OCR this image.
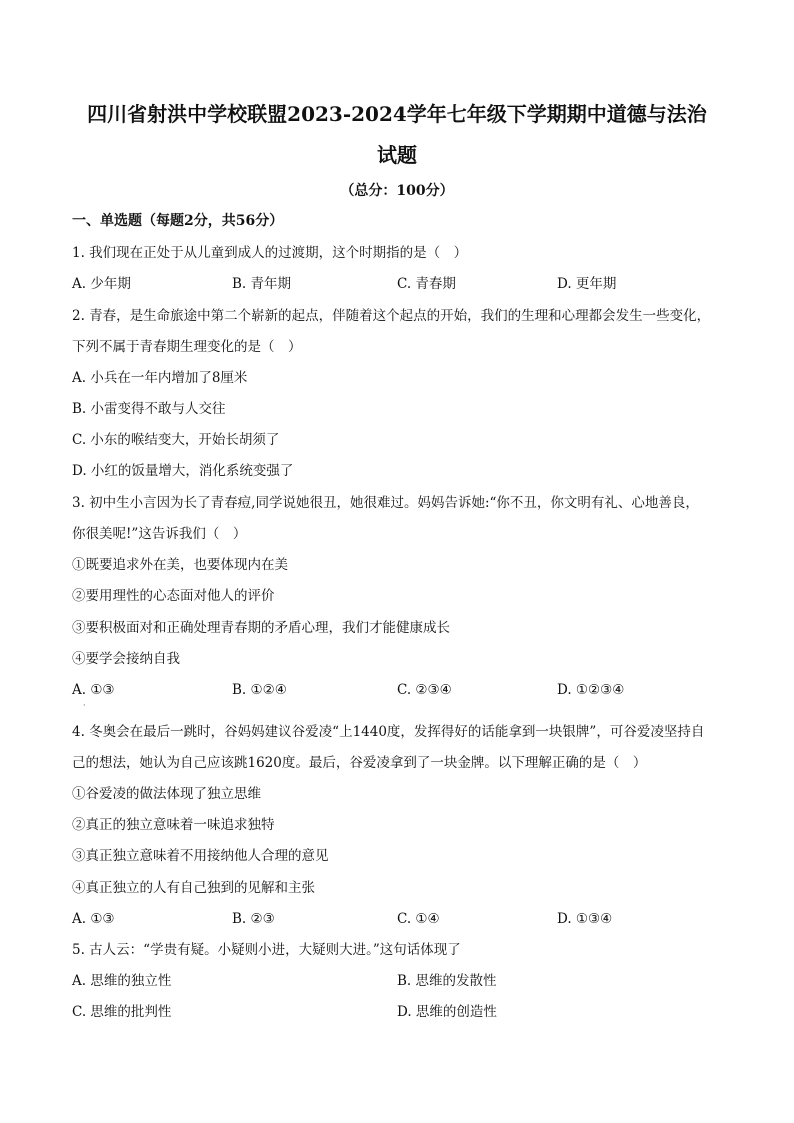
四川省射洪中学校联盟2023-2024学年七年级下学期期中道德与法治
试题
（总分：100分）
一、单选题（每题2分，共56分）
1. 我们现在正处于从儿童到成人的过渡期，这个时期指的是（　）
A. 少年期	B. 青年期	C. 青春期	D. 更年期
2. 青春，是生命旅途中第二个崭新的起点，伴随着这个起点的开始，我们的生理和心理都会发生一些变化，
下列不属于青春期生理变化的是（　）
A. 小兵在一年内增加了8厘米
B. 小雷变得不敢与人交往
C. 小东的喉结变大，开始长胡须了
D. 小红的饭量增大，消化系统变强了
3. 初中生小言因为长了青春痘,同学说她很丑，她很难过。妈妈告诉她:“你不丑，你文明有礼、心地善良，
你很美呢!”这告诉我们（　）
①既要追求外在美，也要体现内在美
②要用理性的心态面对他人的评价
③要积极面对和正确处理青春期的矛盾心理，我们才能健康成长
④要学会接纳自我
A. ①③	B. ①②④	C. ②③④	D. ①②③④
·
4. 冬奥会在最后一跳时，谷妈妈建议谷爱凌“上1440度，发挥得好的话能拿到一块银牌”，可谷爱凌坚持自
己的想法，她认为自己应该跳1620度。最后，谷爱凌拿到了一块金牌。以下理解正确的是（　）
①谷爱凌的做法体现了独立思维
②真正的独立意味着一味追求独特
③真正独立意味着不用接纳他人合理的意见
④真正独立的人有自己独到的见解和主张
A. ①③	B. ②③	C. ①④	D. ①③④
5. 古人云：“学贵有疑。小疑则小进，大疑则大进。”这句话体现了
A. 思维的独立性	B. 思维的发散性
C. 思维的批判性	D. 思维的创造性
